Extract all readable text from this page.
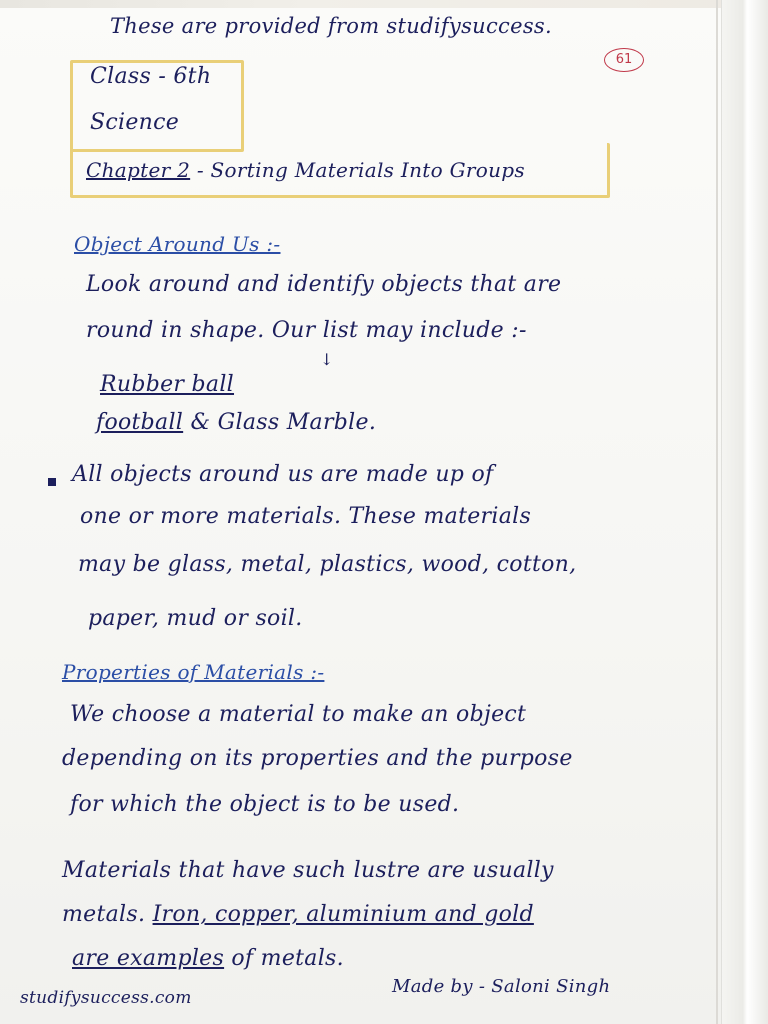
These are provided from studifysuccess.
61
Class - 6th
Science
Chapter 2 - Sorting Materials Into Groups
Object Around Us :-
Look around and identify objects that are
round in shape. Our list may include :-
↓
Rubber ball
football & Glass Marble.
All objects around us are made up of
one or more materials. These materials
may be glass, metal, plastics, wood, cotton,
paper, mud or soil.
Properties of Materials :-
We choose a material to make an object
depending on its properties and the purpose
for which the object is to be used.
Materials that have such lustre are usually
metals. Iron, copper, aluminium and gold
are examples of metals.
studifysuccess.com
Made by - Saloni Singh
